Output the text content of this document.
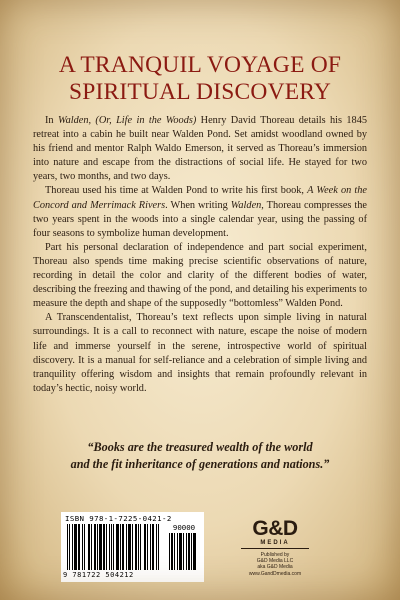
A TRANQUIL VOYAGE OF
SPIRITUAL DISCOVERY

In Walden, (Or, Life in the Woods) Henry David Thoreau details his 1845 retreat into a cabin he built near Walden Pond. Set amidst woodland owned by his friend and mentor Ralph Waldo Emerson, it served as Thoreau’s immersion into nature and escape from the distractions of social life. He stayed for two years, two months, and two days.

Thoreau used his time at Walden Pond to write his first book, A Week on the Concord and Merrimack Rivers. When writing Walden, Thoreau compresses the two years spent in the woods into a single calendar year, using the passing of four seasons to symbolize human development.

Part his personal declaration of independence and part social experiment, Thoreau also spends time making precise scientific observations of nature, recording in detail the color and clarity of the different bodies of water, describing the freezing and thawing of the pond, and detailing his experiments to measure the depth and shape of the supposedly “bottomless” Walden Pond.

A Transcendentalist, Thoreau’s text reflects upon simple living in natural surroundings. It is a call to reconnect with nature, escape the noise of modern life and immerse yourself in the serene, introspective world of spiritual discovery. It is a manual for self-reliance and a celebration of simple living and tranquility offering wisdom and insights that remain profoundly relevant in today’s hectic, noisy world.

“Books are the treasured wealth of the world
and the fit inheritance of generations and nations.”
ISBN 978-1-7225-0421-2
90000
9 781722 504212
G&D
MEDIA
Published by
G&D Media LLC
aka G&D Media
www.GandDmedia.com
